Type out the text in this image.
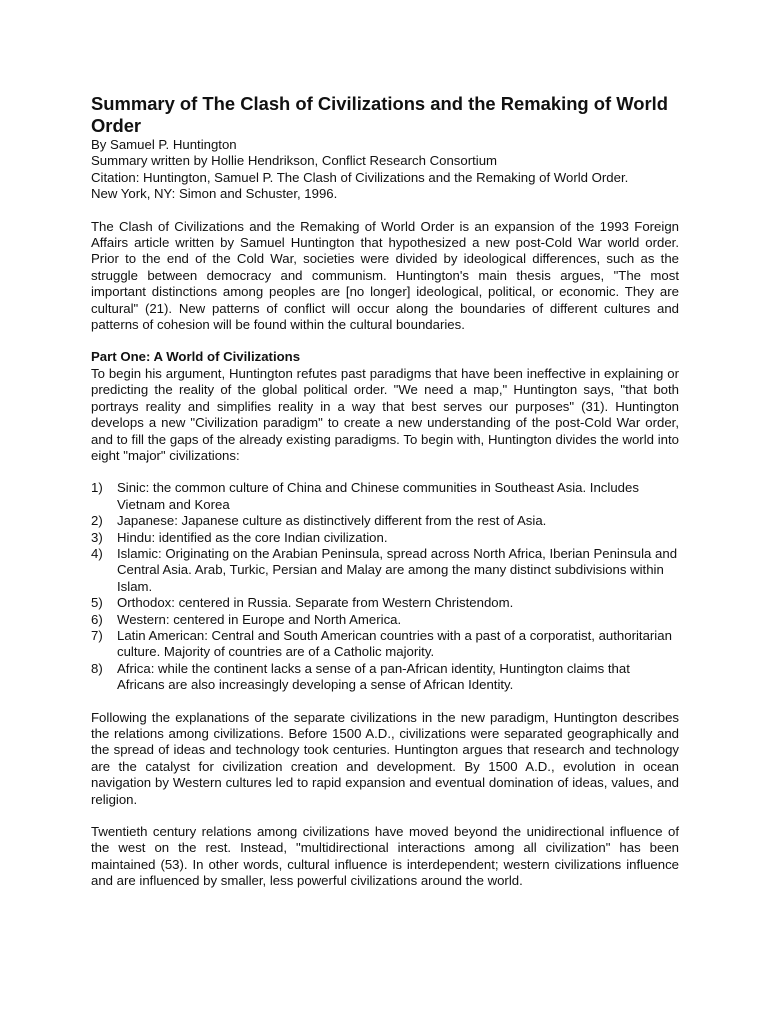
Summary of The Clash of Civilizations and the Remaking of World Order

By Samuel P. Huntington

Summary written by Hollie Hendrikson, Conflict Research Consortium

Citation: Huntington, Samuel P. The Clash of Civilizations and the Remaking of World Order.

New York, NY: Simon and Schuster, 1996.

The Clash of Civilizations and the Remaking of World Order is an expansion of the 1993 Foreign Affairs article written by Samuel Huntington that hypothesized a new post-Cold War world order. Prior to the end of the Cold War, societies were divided by ideological differences, such as the struggle between democracy and communism. Huntington's main thesis argues, "The most important distinctions among peoples are [no longer] ideological, political, or economic. They are cultural" (21). New patterns of conflict will occur along the boundaries of different cultures and patterns of cohesion will be found within the cultural boundaries.

Part One: A World of Civilizations

To begin his argument, Huntington refutes past paradigms that have been ineffective in explaining or predicting the reality of the global political order. "We need a map," Huntington says, "that both portrays reality and simplifies reality in a way that best serves our purposes" (31). Huntington develops a new "Civilization paradigm" to create a new understanding of the post-Cold War order, and to fill the gaps of the already existing paradigms. To begin with, Huntington divides the world into eight "major" civilizations:

1) Sinic: the common culture of China and Chinese communities in Southeast Asia. Includes Vietnam and Korea
2) Japanese: Japanese culture as distinctively different from the rest of Asia.
3) Hindu: identified as the core Indian civilization.
4) Islamic: Originating on the Arabian Peninsula, spread across North Africa, Iberian Peninsula and Central Asia. Arab, Turkic, Persian and Malay are among the many distinct subdivisions within Islam.
5) Orthodox: centered in Russia. Separate from Western Christendom.
6) Western: centered in Europe and North America.
7) Latin American: Central and South American countries with a past of a corporatist, authoritarian culture. Majority of countries are of a Catholic majority.
8) Africa: while the continent lacks a sense of a pan-African identity, Huntington claims that Africans are also increasingly developing a sense of African Identity.

Following the explanations of the separate civilizations in the new paradigm, Huntington describes the relations among civilizations. Before 1500 A.D., civilizations were separated geographically and the spread of ideas and technology took centuries. Huntington argues that research and technology are the catalyst for civilization creation and development. By 1500 A.D., evolution in ocean navigation by Western cultures led to rapid expansion and eventual domination of ideas, values, and religion.

Twentieth century relations among civilizations have moved beyond the unidirectional influence of the west on the rest. Instead, "multidirectional interactions among all civilization" has been maintained (53). In other words, cultural influence is interdependent; western civilizations influence and are influenced by smaller, less powerful civilizations around the world.
